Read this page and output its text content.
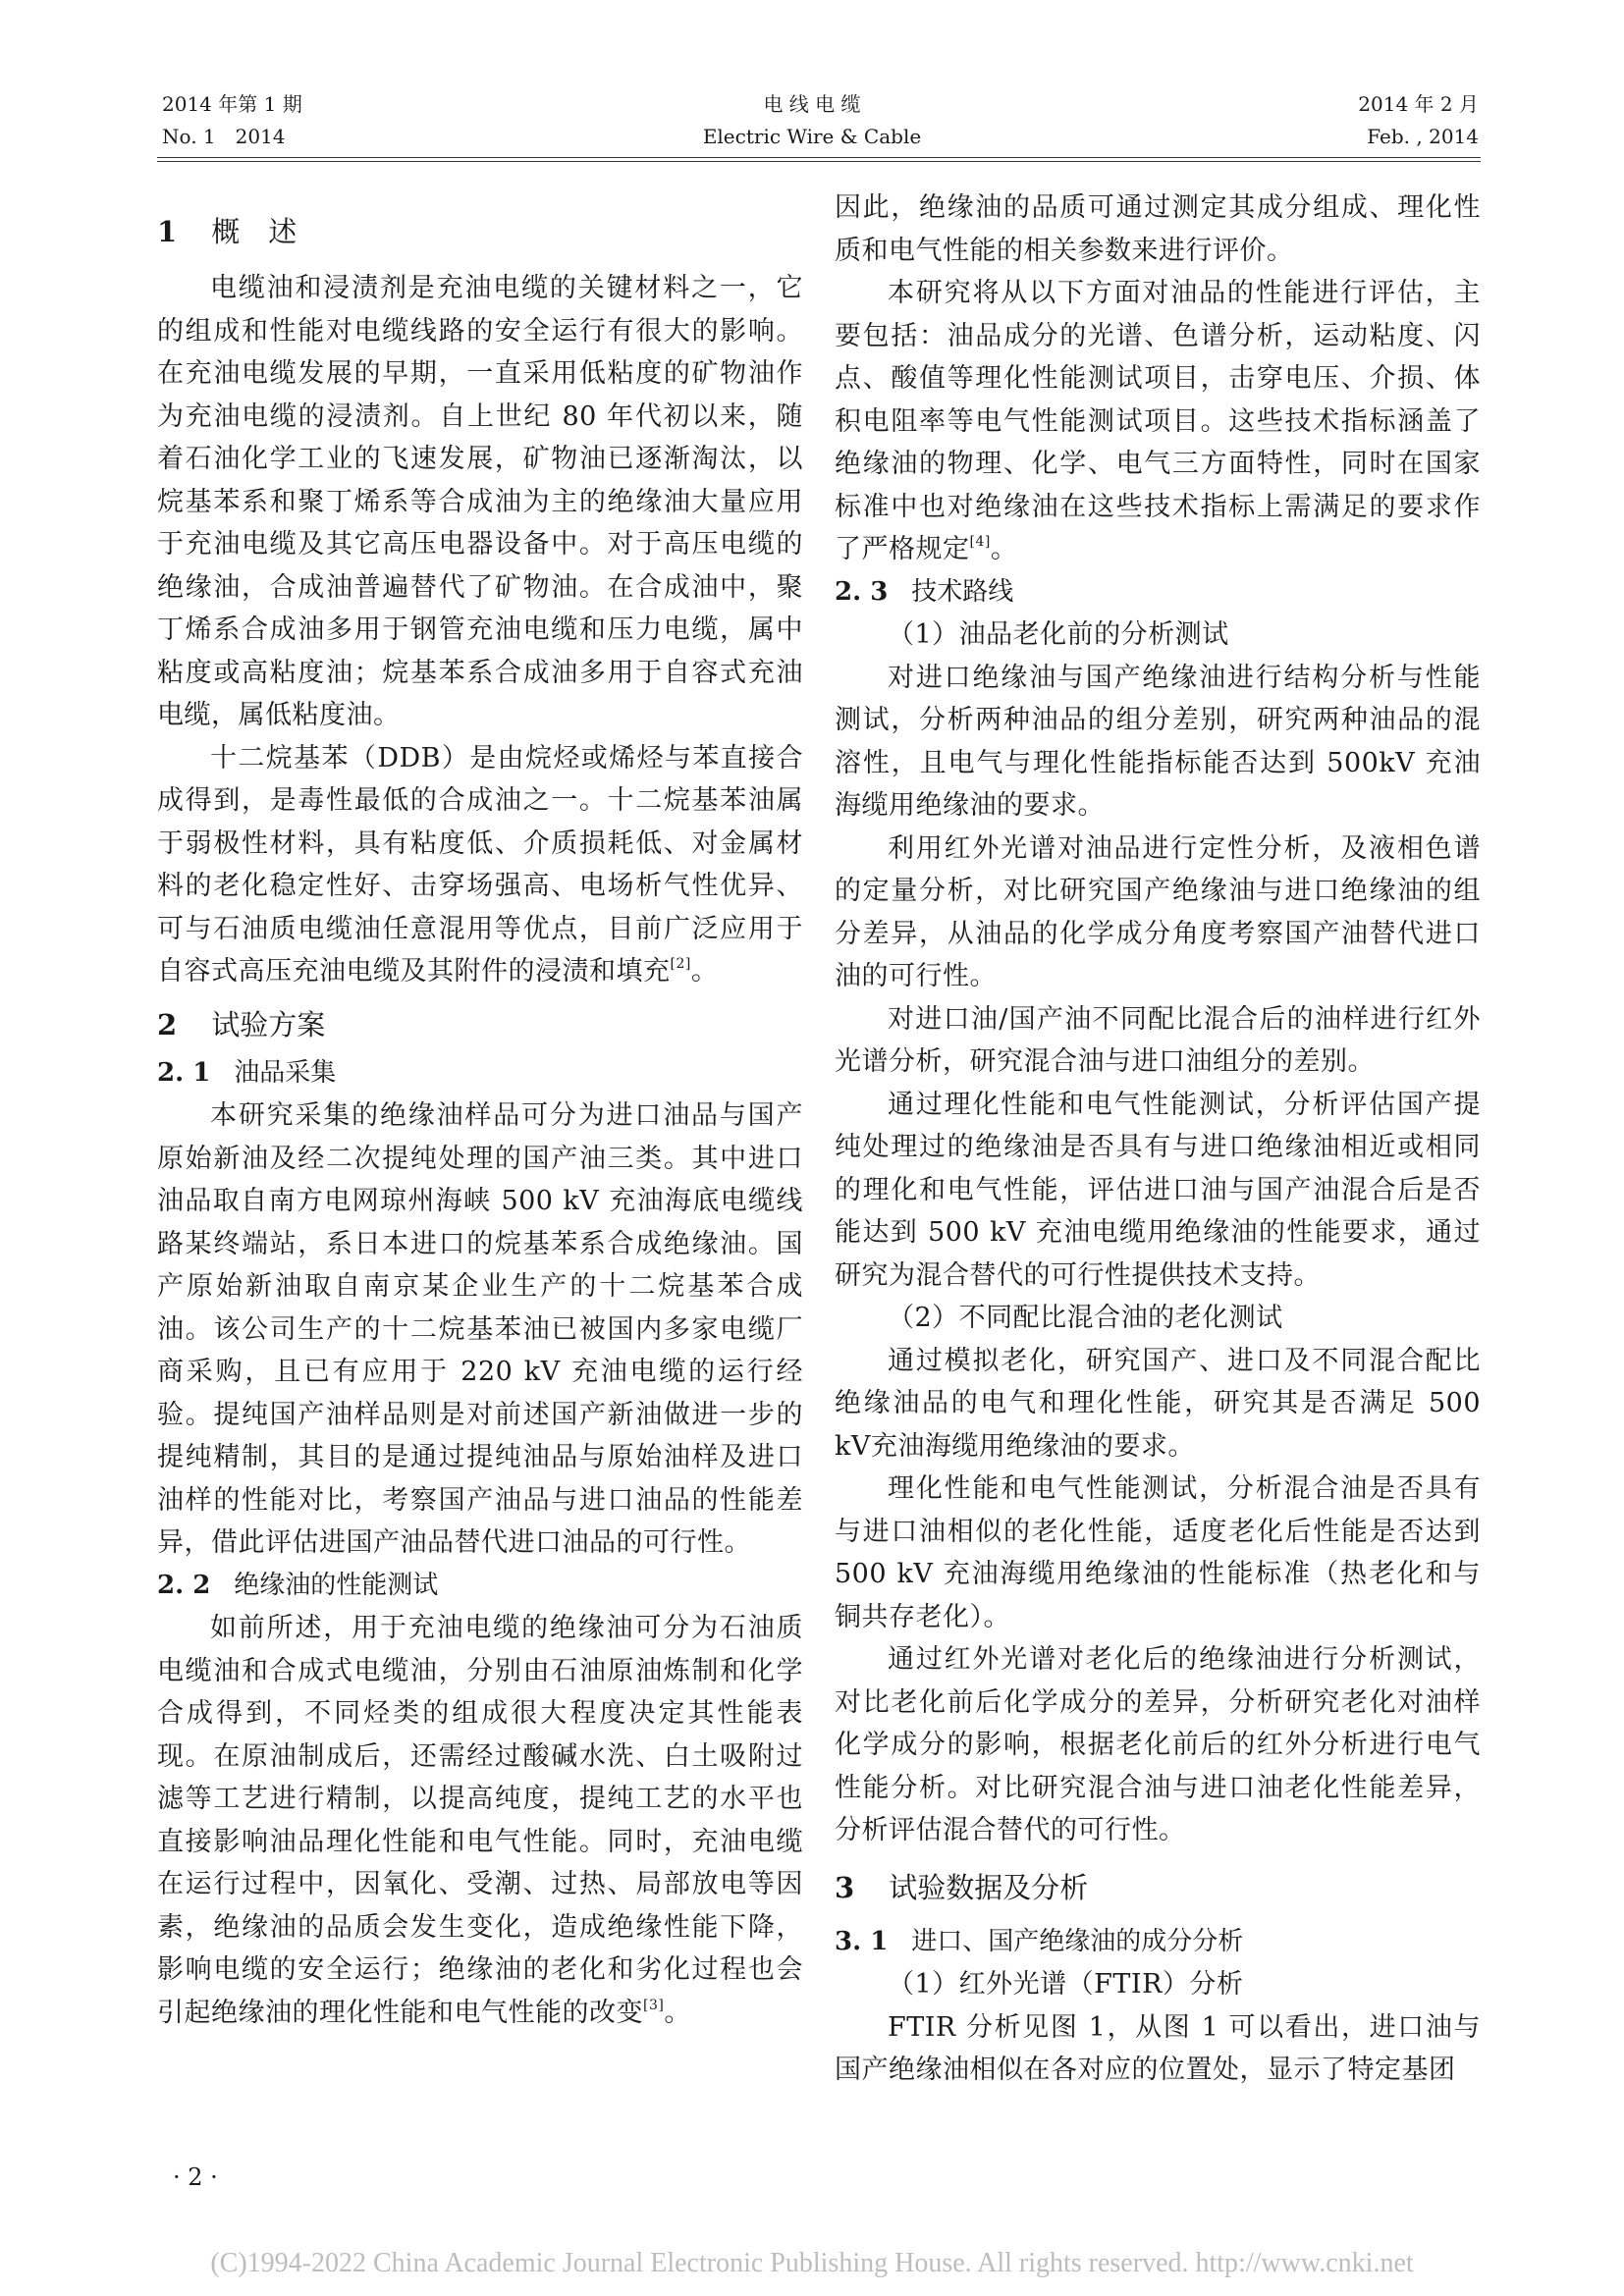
2014 年第 1 期
No. 1　2014
电 线 电 缆
Electric Wire & Cable
2014 年 2 月
Feb. , 2014
1 概　述

电缆油和浸渍剂是充油电缆的关键材料之一，它的组成和性能对电缆线路的安全运行有很大的影响。在充油电缆发展的早期，一直采用低粘度的矿物油作为充油电缆的浸渍剂。自上世纪 80 年代初以来，随着石油化学工业的飞速发展，矿物油已逐渐淘汰，以烷基苯系和聚丁烯系等合成油为主的绝缘油大量应用于充油电缆及其它高压电器设备中。对于高压电缆的绝缘油，合成油普遍替代了矿物油。在合成油中，聚丁烯系合成油多用于钢管充油电缆和压力电缆，属中粘度或高粘度油；烷基苯系合成油多用于自容式充油电缆，属低粘度油。

十二烷基苯（DDB）是由烷烃或烯烃与苯直接合成得到，是毒性最低的合成油之一。十二烷基苯油属于弱极性材料，具有粘度低、介质损耗低、对金属材料的老化稳定性好、击穿场强高、电场析气性优异、可与石油质电缆油任意混用等优点，目前广泛应用于自容式高压充油电缆及其附件的浸渍和填充[2]。

2 试验方案
2. 1 油品采集

本研究采集的绝缘油样品可分为进口油品与国产原始新油及经二次提纯处理的国产油三类。其中进口油品取自南方电网琼州海峡 500 kV 充油海底电缆线路某终端站，系日本进口的烷基苯系合成绝缘油。国产原始新油取自南京某企业生产的十二烷基苯合成油。该公司生产的十二烷基苯油已被国内多家电缆厂商采购，且已有应用于 220 kV 充油电缆的运行经验。提纯国产油样品则是对前述国产新油做进一步的提纯精制，其目的是通过提纯油品与原始油样及进口油样的性能对比，考察国产油品与进口油品的性能差异，借此评估进国产油品替代进口油品的可行性。

2. 2 绝缘油的性能测试

如前所述，用于充油电缆的绝缘油可分为石油质电缆油和合成式电缆油，分别由石油原油炼制和化学合成得到，不同烃类的组成很大程度决定其性能表现。在原油制成后，还需经过酸碱水洗、白土吸附过滤等工艺进行精制，以提高纯度，提纯工艺的水平也直接影响油品理化性能和电气性能。同时，充油电缆在运行过程中，因氧化、受潮、过热、局部放电等因素，绝缘油的品质会发生变化，造成绝缘性能下降，影响电缆的安全运行；绝缘油的老化和劣化过程也会引起绝缘油的理化性能和电气性能的改变[3]。

因此，绝缘油的品质可通过测定其成分组成、理化性质和电气性能的相关参数来进行评价。

本研究将从以下方面对油品的性能进行评估，主要包括：油品成分的光谱、色谱分析，运动粘度、闪点、酸值等理化性能测试项目，击穿电压、介损、体积电阻率等电气性能测试项目。这些技术指标涵盖了绝缘油的物理、化学、电气三方面特性，同时在国家标准中也对绝缘油在这些技术指标上需满足的要求作了严格规定[4]。

2. 3 技术路线

（1）油品老化前的分析测试

对进口绝缘油与国产绝缘油进行结构分析与性能测试，分析两种油品的组分差别，研究两种油品的混溶性，且电气与理化性能指标能否达到 500kV 充油海缆用绝缘油的要求。

利用红外光谱对油品进行定性分析，及液相色谱的定量分析，对比研究国产绝缘油与进口绝缘油的组分差异，从油品的化学成分角度考察国产油替代进口油的可行性。

对进口油/国产油不同配比混合后的油样进行红外光谱分析，研究混合油与进口油组分的差别。

通过理化性能和电气性能测试，分析评估国产提纯处理过的绝缘油是否具有与进口绝缘油相近或相同的理化和电气性能，评估进口油与国产油混合后是否能达到 500 kV 充油电缆用绝缘油的性能要求，通过研究为混合替代的可行性提供技术支持。

（2）不同配比混合油的老化测试

通过模拟老化，研究国产、进口及不同混合配比绝缘油品的电气和理化性能，研究其是否满足 500 kV充油海缆用绝缘油的要求。

理化性能和电气性能测试，分析混合油是否具有与进口油相似的老化性能，适度老化后性能是否达到 500 kV 充油海缆用绝缘油的性能标准（热老化和与铜共存老化）。

通过红外光谱对老化后的绝缘油进行分析测试，对比老化前后化学成分的差异，分析研究老化对油样化学成分的影响，根据老化前后的红外分析进行电气性能分析。对比研究混合油与进口油老化性能差异，分析评估混合替代的可行性。

3 试验数据及分析
3. 1 进口、国产绝缘油的成分分析

（1）红外光谱（FTIR）分析

FTIR 分析见图 1，从图 1 可以看出，进口油与国产绝缘油相似在各对应的位置处，显示了特定基团

· 2 ·
(C)1994-2022 China Academic Journal Electronic Publishing House. All rights reserved. http://www.cnki.net
